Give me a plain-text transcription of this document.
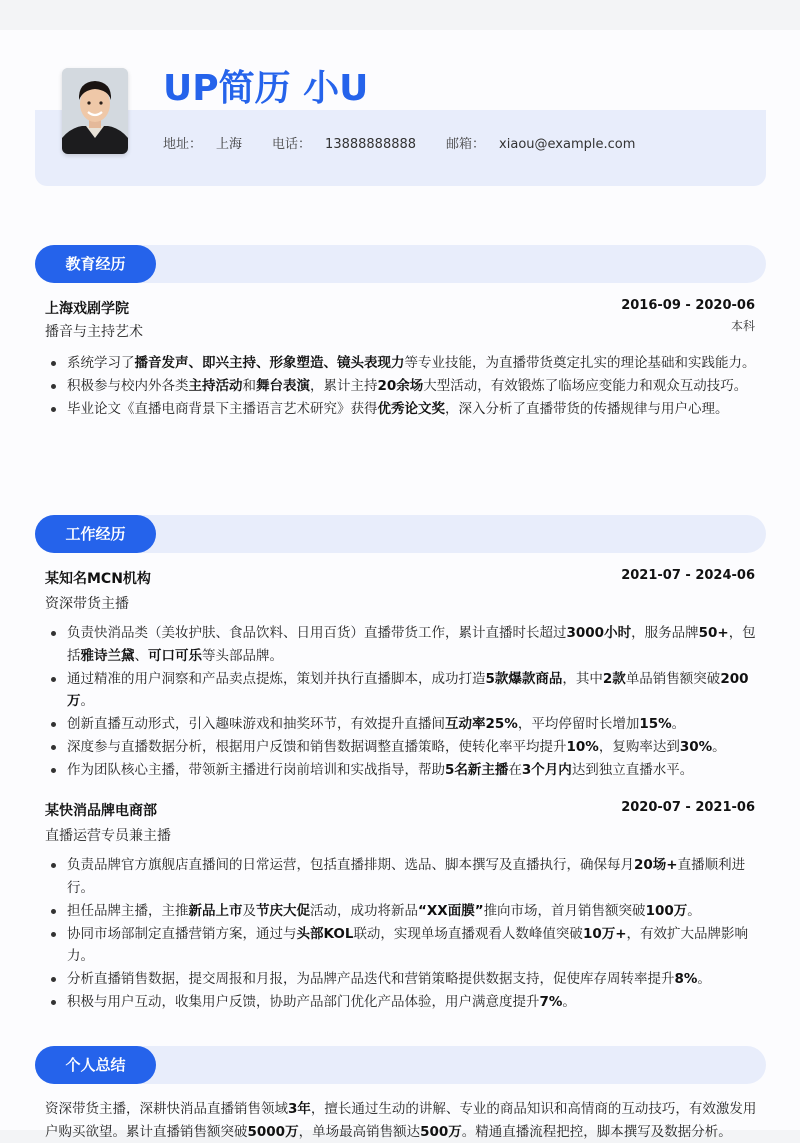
UP简历 小U
地址： 上海 电话： 13888888888 邮箱： xiaou@example.com
教育经历
上海戏剧学院	2016-09 - 2020-06
播音与主持艺术	本科
系统学习了播音发声、即兴主持、形象塑造、镜头表现力等专业技能，为直播带货奠定扎实的理论基础和实践能力。
积极参与校内外各类主持活动和舞台表演，累计主持20余场大型活动，有效锻炼了临场应变能力和观众互动技巧。
毕业论文《直播电商背景下主播语言艺术研究》获得优秀论文奖，深入分析了直播带货的传播规律与用户心理。
工作经历
某知名MCN机构	2021-07 - 2024-06
资深带货主播
负责快消品类（美妆护肤、食品饮料、日用百货）直播带货工作，累计直播时长超过3000小时，服务品牌50+，包括雅诗兰黛、可口可乐等头部品牌。
通过精准的用户洞察和产品卖点提炼，策划并执行直播脚本，成功打造5款爆款商品，其中2款单品销售额突破200万。
创新直播互动形式，引入趣味游戏和抽奖环节，有效提升直播间互动率25%，平均停留时长增加15%。
深度参与直播数据分析，根据用户反馈和销售数据调整直播策略，使转化率平均提升10%，复购率达到30%。
作为团队核心主播，带领新主播进行岗前培训和实战指导，帮助5名新主播在3个月内达到独立直播水平。
某快消品牌电商部	2020-07 - 2021-06
直播运营专员兼主播
负责品牌官方旗舰店直播间的日常运营，包括直播排期、选品、脚本撰写及直播执行，确保每月20场+直播顺利进行。
担任品牌主播，主推新品上市及节庆大促活动，成功将新品“XX面膜”推向市场，首月销售额突破100万。
协同市场部制定直播营销方案，通过与头部KOL联动，实现单场直播观看人数峰值突破10万+，有效扩大品牌影响力。
分析直播销售数据，提交周报和月报，为品牌产品迭代和营销策略提供数据支持，促使库存周转率提升8%。
积极与用户互动，收集用户反馈，协助产品部门优化产品体验，用户满意度提升7%。
个人总结
资深带货主播，深耕快消品直播销售领域3年，擅长通过生动的讲解、专业的商品知识和高情商的互动技巧，有效激发用户购买欲望。累计直播销售额突破5000万，单场最高销售额达500万。精通直播流程把控，脚本撰写及数据分析。
